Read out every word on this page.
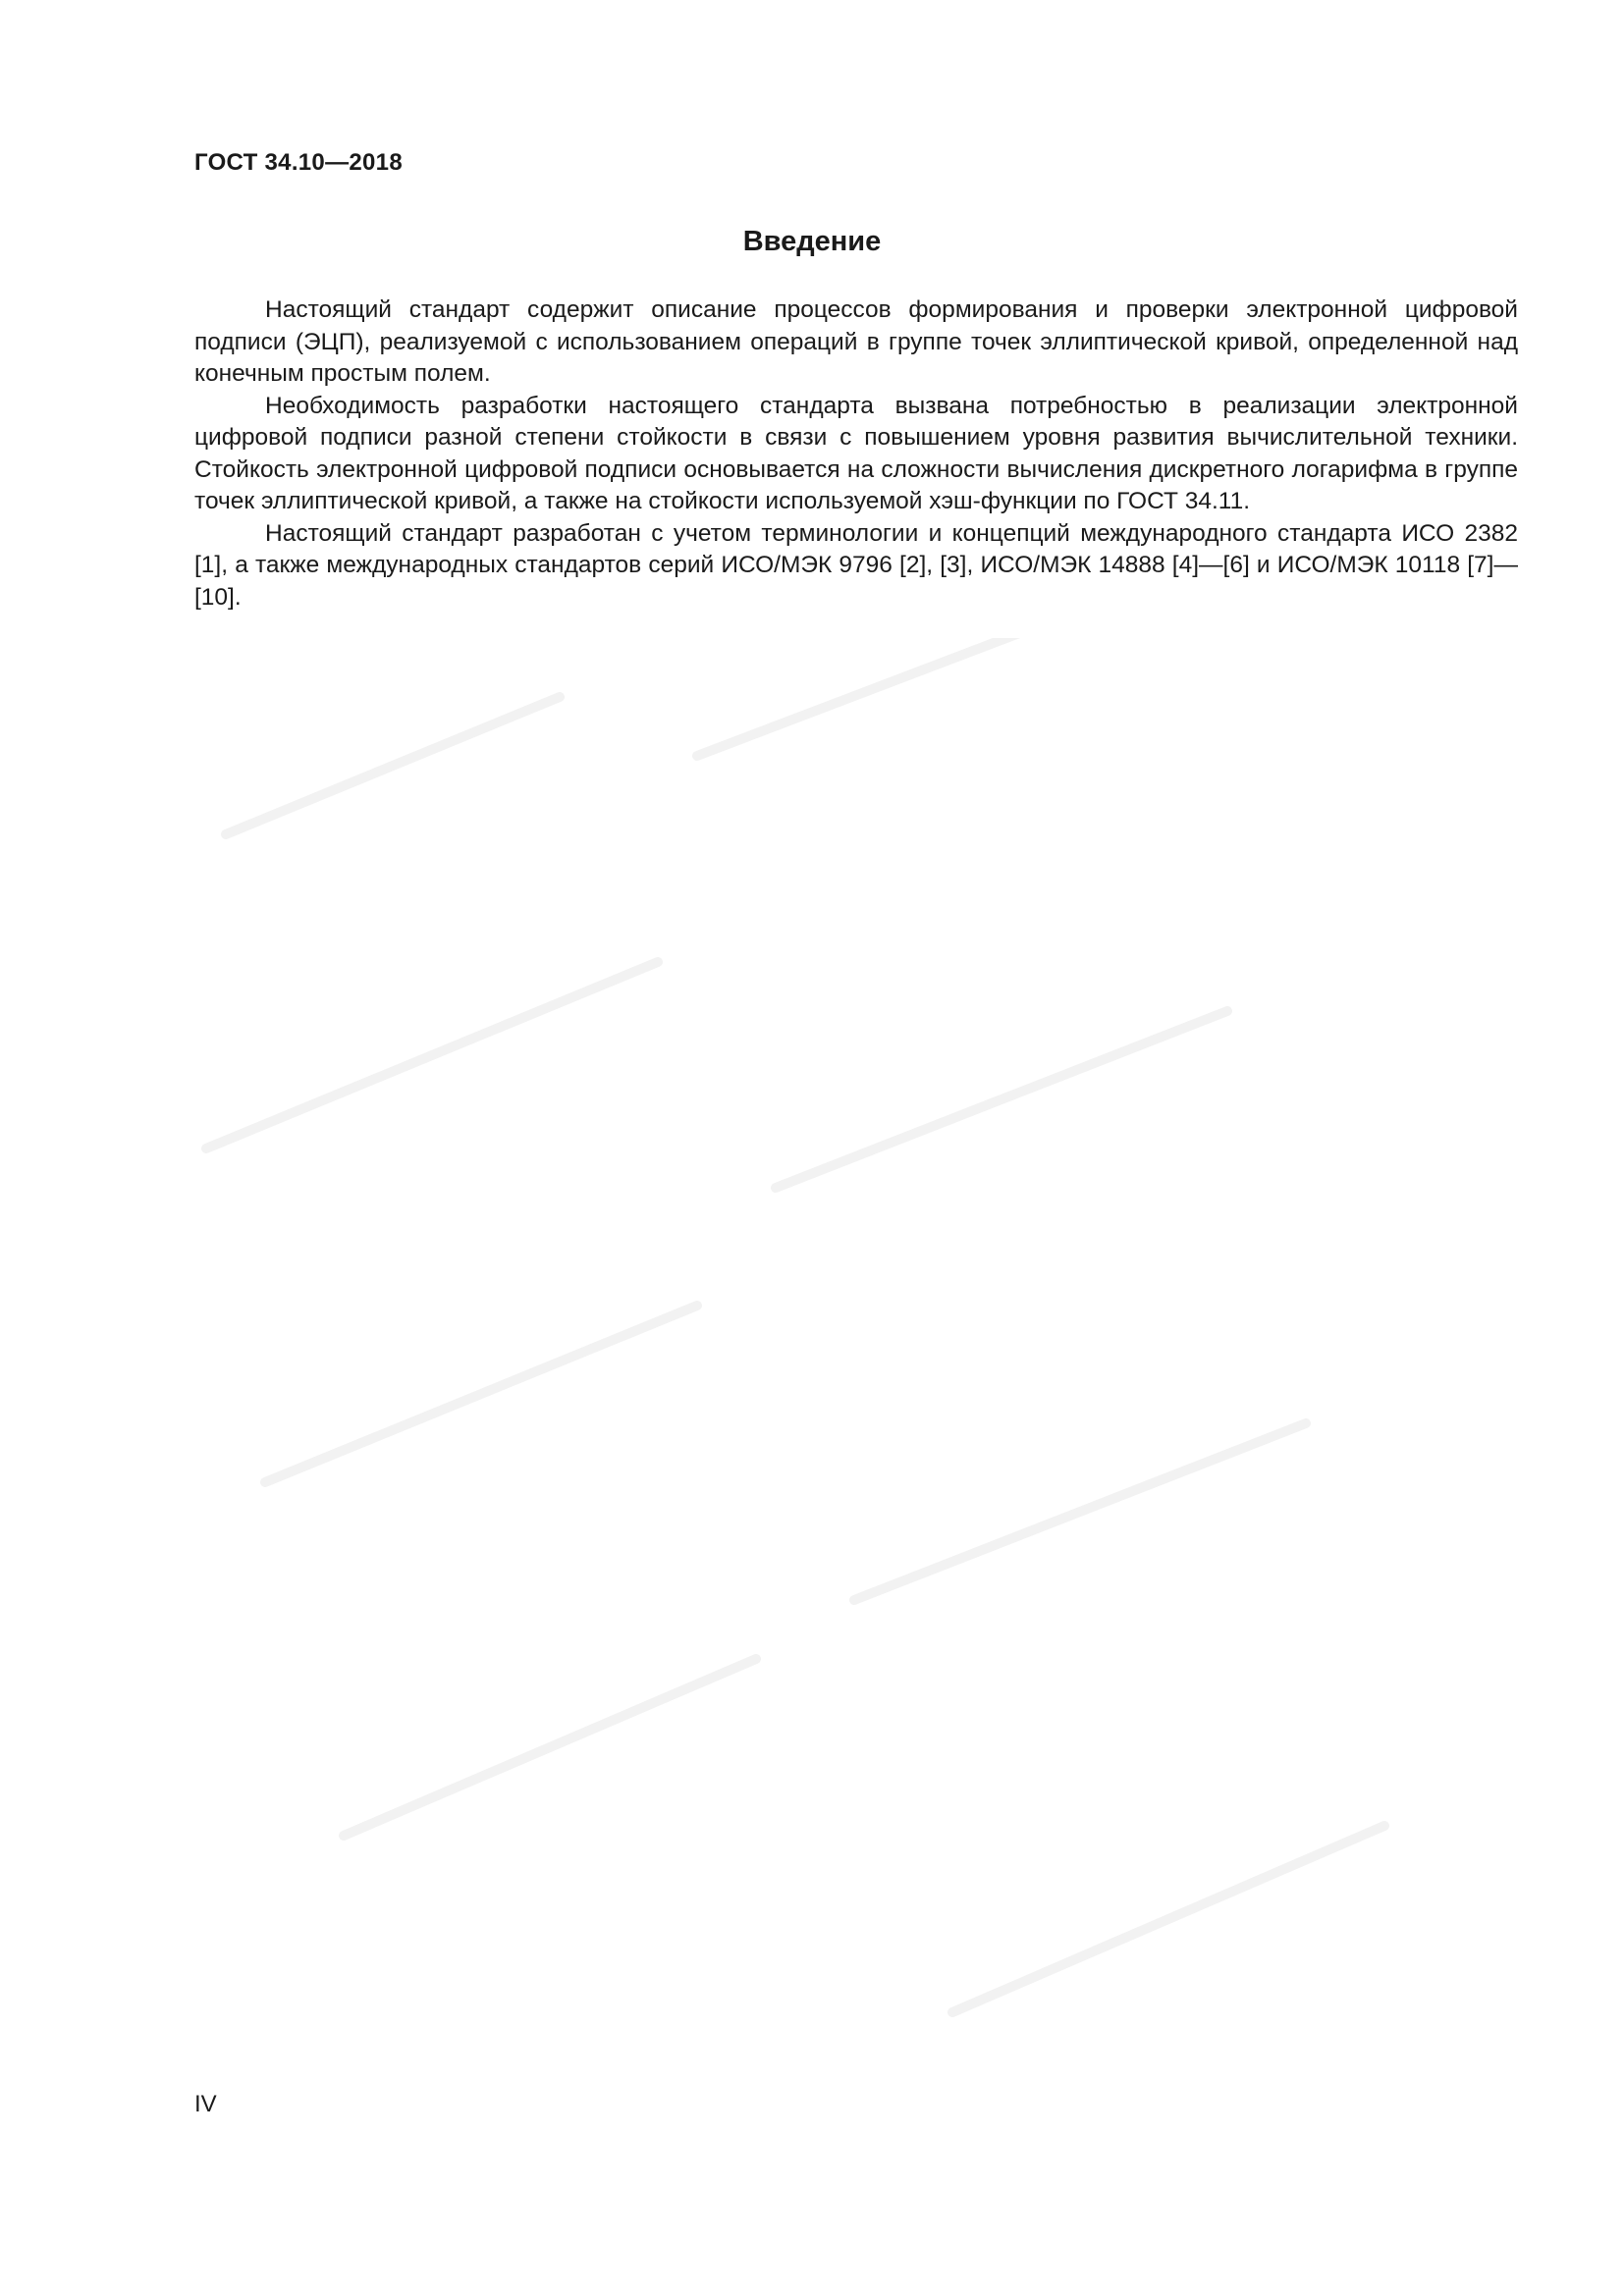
ГОСТ 34.10—2018
Введение

Настоящий стандарт содержит описание процессов формирования и проверки электронной цифровой подписи (ЭЦП), реализуемой с использованием операций в группе точек эллиптической кривой, определенной над конечным простым полем.

Необходимость разработки настоящего стандарта вызвана потребностью в реализации электронной цифровой подписи разной степени стойкости в связи с повышением уровня развития вычислительной техники. Стойкость электронной цифровой подписи основывается на сложности вычисления дискретного логарифма в группе точек эллиптической кривой, а также на стойкости используемой хэш-функции по ГОСТ 34.11.

Настоящий стандарт разработан с учетом терминологии и концепций международного стандарта ИСО 2382 [1], а также международных стандартов серий ИСО/МЭК 9796 [2], [3], ИСО/МЭК 14888 [4]—[6] и ИСО/МЭК 10118 [7]—[10].

IV
